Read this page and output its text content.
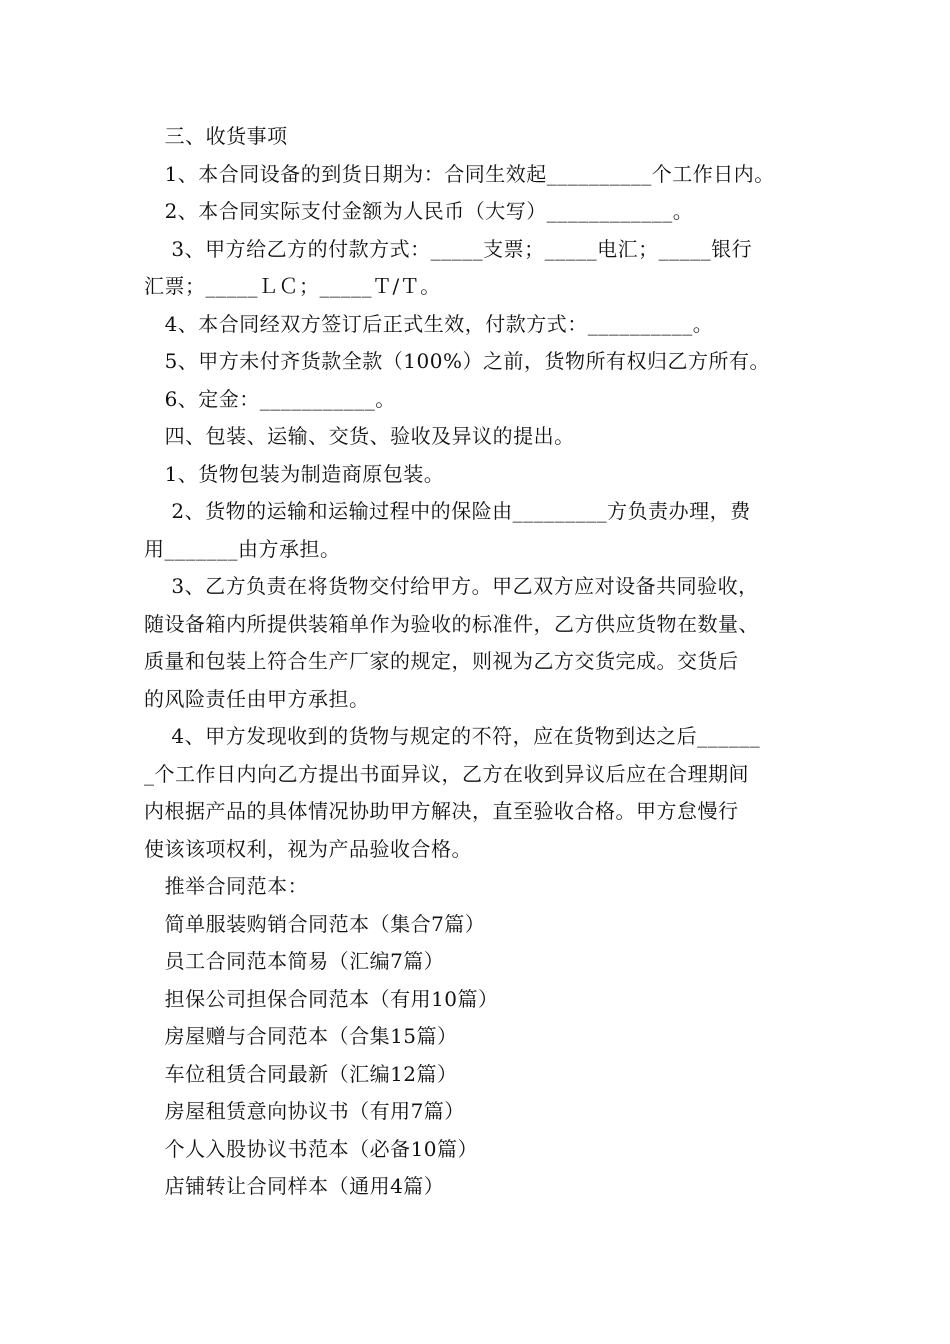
三、收货事项
1、本合同设备的到货日期为：合同生效起__________个工作日内。
2、本合同实际支付金额为人民币（大写）____________。
3、甲方给乙方的付款方式：_____支票；_____电汇；_____银行
汇票；_____ＬＣ；_____Ｔ/Ｔ。
4、本合同经双方签订后正式生效，付款方式：__________。
5、甲方未付齐货款全款（100%）之前，货物所有权归乙方所有。
6、定金：___________。
四、包装、运输、交货、验收及异议的提出。
1、货物包装为制造商原包装。
2、货物的运输和运输过程中的保险由_________方负责办理，费
用_______由方承担。
3、乙方负责在将货物交付给甲方。甲乙双方应对设备共同验收，
随设备箱内所提供装箱单作为验收的标准件，乙方供应货物在数量、
质量和包装上符合生产厂家的规定，则视为乙方交货完成。交货后
的风险责任由甲方承担。
4、甲方发现收到的货物与规定的不符，应在货物到达之后______
_个工作日内向乙方提出书面异议，乙方在收到异议后应在合理期间
内根据产品的具体情况协助甲方解决，直至验收合格。甲方怠慢行
使该该项权利，视为产品验收合格。
推举合同范本：
简单服装购销合同范本（集合7篇）
员工合同范本简易（汇编7篇）
担保公司担保合同范本（有用10篇）
房屋赠与合同范本（合集15篇）
车位租赁合同最新（汇编12篇）
房屋租赁意向协议书（有用7篇）
个人入股协议书范本（必备10篇）
店铺转让合同样本（通用4篇）
